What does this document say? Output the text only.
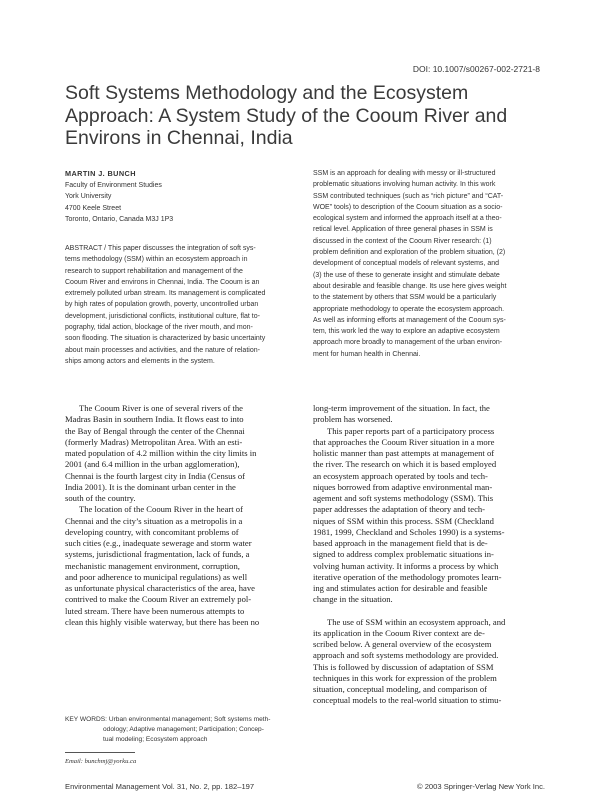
DOI: 10.1007/s00267-002-2721-8
Soft Systems Methodology and the Ecosystem
Approach: A System Study of the Cooum River and
Environs in Chennai, India
MARTIN J. BUNCH
Faculty of Environment Studies
York University
4700 Keele Street
Toronto, Ontario, Canada M3J 1P3
ABSTRACT / This paper discusses the integration of soft sys-
tems methodology (SSM) within an ecosystem approach in
research to support rehabilitation and management of the
Cooum River and environs in Chennai, India. The Cooum is an
extremely polluted urban stream. Its management is complicated
by high rates of population growth, poverty, uncontrolled urban
development, jurisdictional conflicts, institutional culture, flat to-
pography, tidal action, blockage of the river mouth, and mon-
soon flooding. The situation is characterized by basic uncertainty
about main processes and activities, and the nature of relation-
ships among actors and elements in the system.
SSM is an approach for dealing with messy or ill-structured
problematic situations involving human activity. In this work
SSM contributed techniques (such as “rich picture” and “CAT-
WOE” tools) to description of the Cooum situation as a socio-
ecological system and informed the approach itself at a theo-
retical level. Application of three general phases in SSM is
discussed in the context of the Cooum River research: (1)
problem definition and exploration of the problem situation, (2)
development of conceptual models of relevant systems, and
(3) the use of these to generate insight and stimulate debate
about desirable and feasible change. Its use here gives weight
to the statement by others that SSM would be a particularly
appropriate methodology to operate the ecosystem approach.
As well as informing efforts at management of the Cooum sys-
tem, this work led the way to explore an adaptive ecosystem
approach more broadly to management of the urban environ-
ment for human health in Chennai.

The Cooum River is one of several rivers of the
Madras Basin in southern India. It flows east to into
the Bay of Bengal through the center of the Chennai
(formerly Madras) Metropolitan Area. With an esti-
mated population of 4.2 million within the city limits in
2001 (and 6.4 million in the urban agglomeration),
Chennai is the fourth largest city in India (Census of
India 2001). It is the dominant urban center in the
south of the country.

The location of the Cooum River in the heart of
Chennai and the city’s situation as a metropolis in a
developing country, with concomitant problems of
such cities (e.g., inadequate sewerage and storm water
systems, jurisdictional fragmentation, lack of funds, a
mechanistic management environment, corruption,
and poor adherence to municipal regulations) as well
as unfortunate physical characteristics of the area, have
contrived to make the Cooum River an extremely pol-
luted stream. There have been numerous attempts to
clean this highly visible waterway, but there has been no

long-term improvement of the situation. In fact, the
problem has worsened.

This paper reports part of a participatory process
that approaches the Cooum River situation in a more
holistic manner than past attempts at management of
the river. The research on which it is based employed
an ecosystem approach operated by tools and tech-
niques borrowed from adaptive environmental man-
agement and soft systems methodology (SSM). This
paper addresses the adaptation of theory and tech-
niques of SSM within this process. SSM (Checkland
1981, 1999, Checkland and Scholes 1990) is a systems-
based approach in the management field that is de-
signed to address complex problematic situations in-
volving human activity. It informs a process by which
iterative operation of the methodology promotes learn-
ing and stimulates action for desirable and feasible
change in the situation.

The use of SSM within an ecosystem approach, and
its application in the Cooum River context are de-
scribed below. A general overview of the ecosystem
approach and soft systems methodology are provided.
This is followed by discussion of adaptation of SSM
techniques in this work for expression of the problem
situation, conceptual modeling, and comparison of
conceptual models to the real-world situation to stimu-

KEY WORDS: Urban environmental management; Soft systems meth-
odology; Adaptive management; Participation; Concep-
tual modeling; Ecosystem approach
Email: bunchmj@yorku.ca
Environmental Management Vol. 31, No. 2, pp. 182–197	© 2003 Springer-Verlag New York Inc.
